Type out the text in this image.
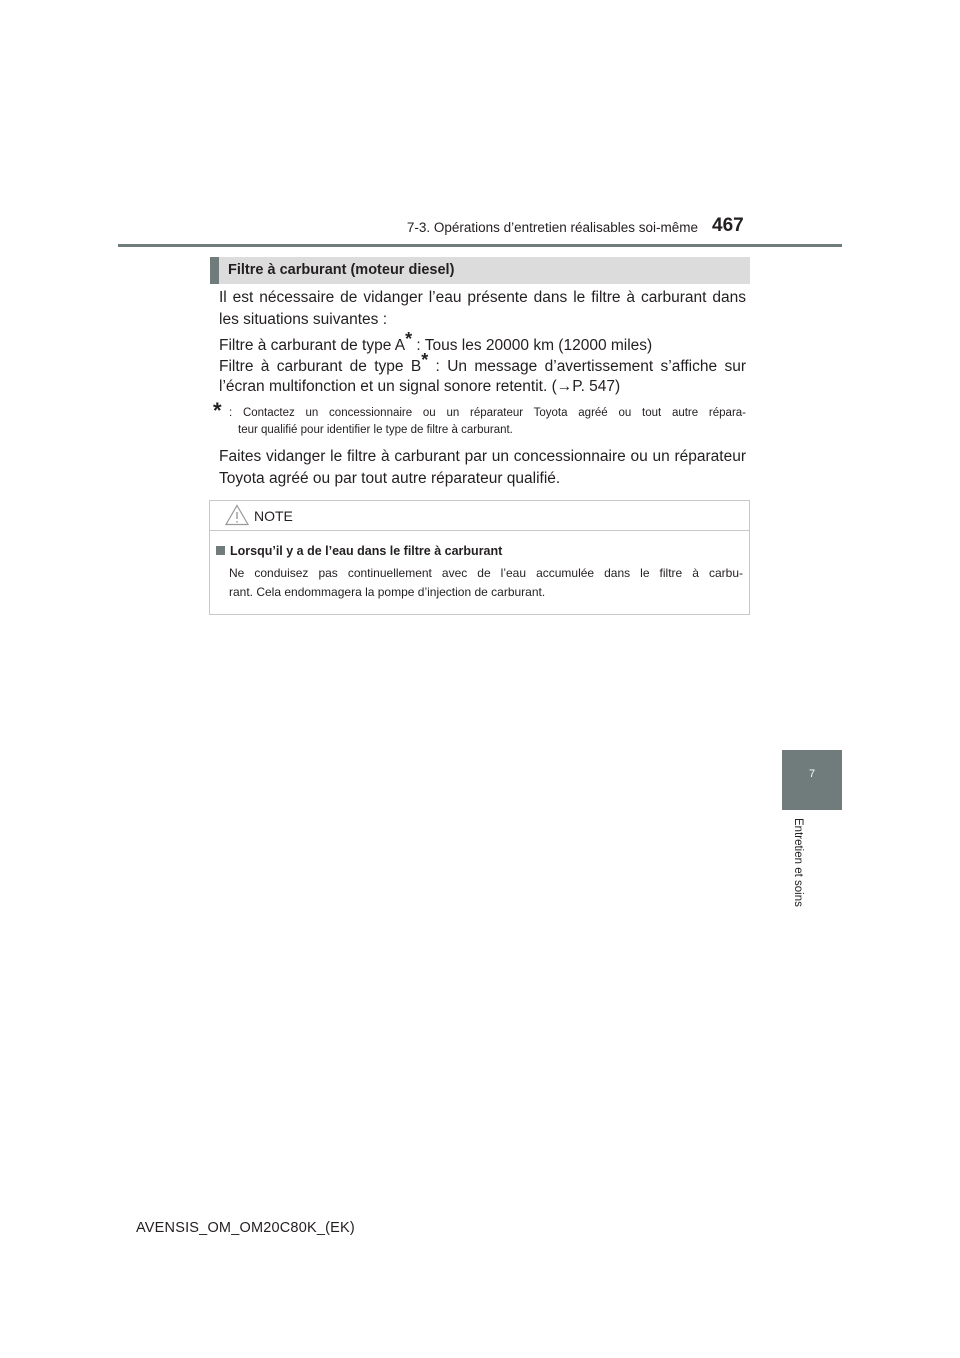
7-3. Opérations d’entretien réalisables soi-même 467
7
Entretien et soins
Filtre à carburant (moteur diesel)
Il est nécessaire de vidanger l’eau présente dans le filtre à carburant dans les situations suivantes :
Filtre à carburant de type A* : Tous les 20000 km (12000 miles)
Filtre à carburant de type B* : Un message d’avertissement s’affiche sur
l’écran multifonction et un signal sonore retentit. (→P. 547)
* : Contactez un concessionnaire ou un réparateur Toyota agréé ou tout autre répara-
teur qualifié pour identifier le type de filtre à carburant.
Faites vidanger le filtre à carburant par un concessionnaire ou un réparateur
Toyota agréé ou par tout autre réparateur qualifié.
NOTE
Lorsqu’il y a de l’eau dans le filtre à carburant
Ne conduisez pas continuellement avec de l’eau accumulée dans le filtre à carbu-
rant. Cela endommagera la pompe d’injection de carburant.
AVENSIS_OM_OM20C80K_(EK)
